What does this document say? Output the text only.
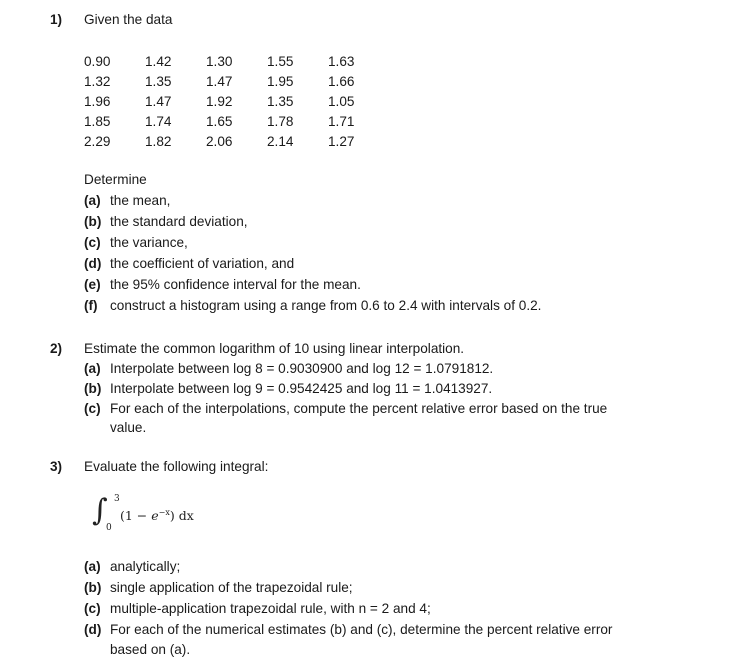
1) Given the data
0.90	1.42	1.30	1.55	1.63
1.32	1.35	1.47	1.95	1.66
1.96	1.47	1.92	1.35	1.05
1.85	1.74	1.65	1.78	1.71
2.29	1.82	2.06	2.14	1.27
Determine
(a) the mean,
(b) the standard deviation,
(c) the variance,
(d) the coefficient of variation, and
(e) the 95% confidence interval for the mean.
(f) construct a histogram using a range from 0.6 to 2.4 with intervals of 0.2.
2) Estimate the common logarithm of 10 using linear interpolation.
(a) Interpolate between log 8 = 0.9030900 and log 12 = 1.0791812.
(b) Interpolate between log 9 = 0.9542425 and log 11 = 1.0413927.
(c) For each of the interpolations, compute the percent relative error based on the true
value.
3) Evaluate the following integral:
∫ 3
0
$(1 - e^{-x})$ dx
(a) analytically;
(b) single application of the trapezoidal rule;
(c) multiple-application trapezoidal rule, with n = 2 and 4;
(d) For each of the numerical estimates (b) and (c), determine the percent relative error
based on (a).
